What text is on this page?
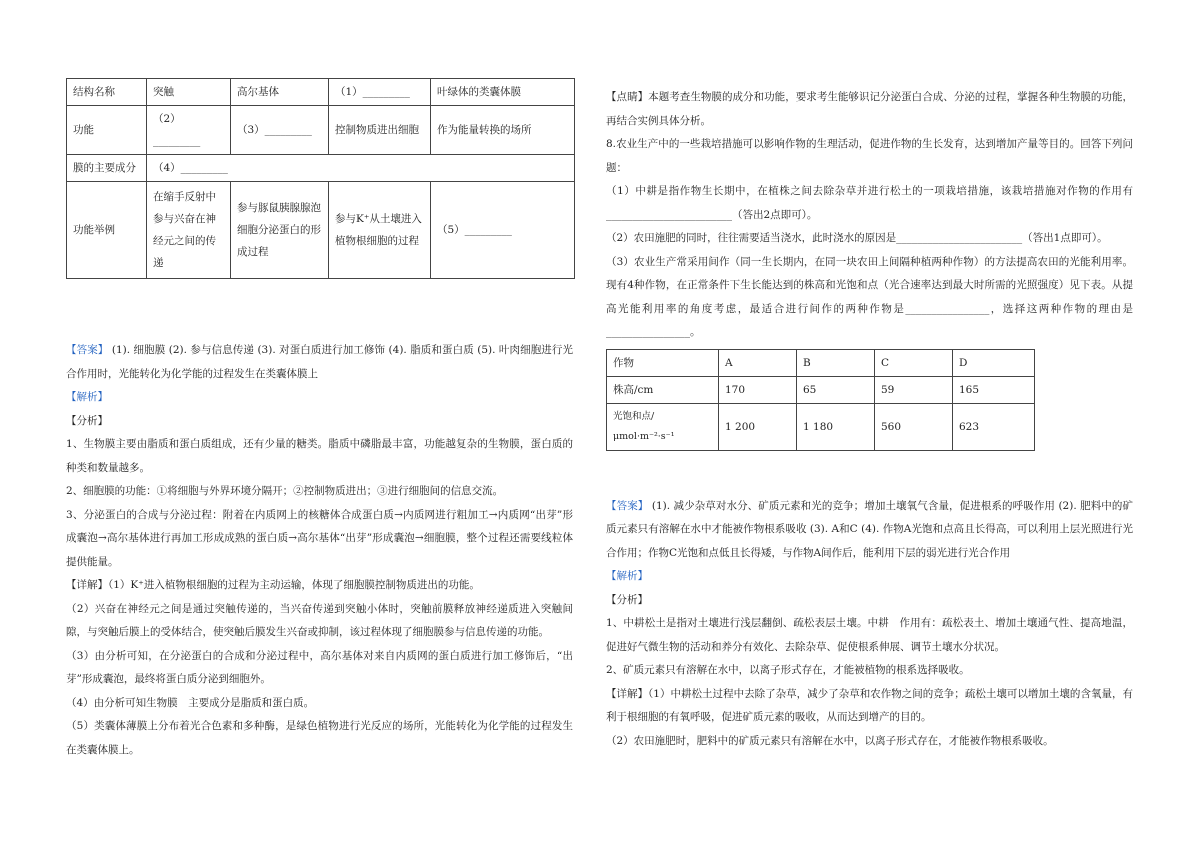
结构名称	突触	高尔基体	（1）_________	叶绿体的类囊体膜
功能	（2）_________	（3）_________	控制物质进出细胞	作为能量转换的场所
膜的主要成分	（4）_________			
功能举例	在缩手反射中参与兴奋在神经元之间的传递	参与豚鼠胰腺腺泡细胞分泌蛋白的形成过程	参与K⁺从土壤进入植物根细胞的过程	（5）_________

【答案】 (1). 细胞膜 (2). 参与信息传递 (3). 对蛋白质进行加工修饰 (4). 脂质和蛋白质 (5). 叶肉细胞进行光合作用时，光能转化为化学能的过程发生在类囊体膜上

【解析】

【分析】

1、生物膜主要由脂质和蛋白质组成，还有少量的糖类。脂质中磷脂最丰富，功能越复杂的生物膜，蛋白质的种类和数量越多。

2、细胞膜的功能：①将细胞与外界环境分隔开；②控制物质进出；③进行细胞间的信息交流。

3、分泌蛋白的合成与分泌过程：附着在内质网上的核糖体合成蛋白质→内质网进行粗加工→内质网“出芽”形成囊泡→高尔基体进行再加工形成成熟的蛋白质→高尔基体“出芽”形成囊泡→细胞膜，整个过程还需要线粒体提供能量。

【详解】（1）K⁺进入植物根细胞的过程为主动运输，体现了细胞膜控制物质进出的功能。

（2）兴奋在神经元之间是通过突触传递的，当兴奋传递到突触小体时，突触前膜释放神经递质进入突触间隙，与突触后膜上的受体结合，使突触后膜发生兴奋或抑制，该过程体现了细胞膜参与信息传递的功能。

（3）由分析可知，在分泌蛋白的合成和分泌过程中，高尔基体对来自内质网的蛋白质进行加工修饰后，“出芽”形成囊泡，最终将蛋白质分泌到细胞外。

（4）由分析可知生物膜　主要成分是脂质和蛋白质。

（5）类囊体薄膜上分布着光合色素和多种酶，是绿色植物进行光反应的场所，光能转化为化学能的过程发生在类囊体膜上。

【点睛】本题考查生物膜的成分和功能，要求考生能够识记分泌蛋白合成、分泌的过程，掌握各种生物膜的功能，再结合实例具体分析。

8.农业生产中的一些栽培措施可以影响作物的生理活动，促进作物的生长发育，达到增加产量等目的。回答下列问题：

（1）中耕是指作物生长期中，在植株之间去除杂草并进行松土的一项栽培措施，该栽培措施对作物的作用有________________________（答出2点即可）。

（2）农田施肥的同时，往往需要适当浇水，此时浇水的原因是________________________（答出1点即可）。

（3）农业生产常采用间作（同一生长期内，在同一块农田上间隔种植两种作物）的方法提高农田的光能利用率。现有4种作物，在正常条件下生长能达到的株高和光饱和点（光合速率达到最大时所需的光照强度）见下表。从提高光能利用率的角度考虑，最适合进行间作的两种作物是________________，选择这两种作物的理由是________________。

作物	A	B	C	D
株高/cm	170	65	59	165
光饱和点/μmol·m⁻²·s⁻¹	1 200	1 180	560	623

【答案】 (1). 减少杂草对水分、矿质元素和光的竞争；增加土壤氧气含量，促进根系的呼吸作用 (2). 肥料中的矿质元素只有溶解在水中才能被作物根系吸收 (3). A和C (4). 作物A光饱和点高且长得高，可以利用上层光照进行光合作用；作物C光饱和点低且长得矮，与作物A间作后，能利用下层的弱光进行光合作用

【解析】

【分析】

1、中耕松土是指对土壤进行浅层翻倒、疏松表层土壤。中耕　作用有：疏松表土、增加土壤通气性、提高地温，促进好气微生物的活动和养分有效化、去除杂草、促使根系伸展、调节土壤水分状况。

2、矿质元素只有溶解在水中，以离子形式存在，才能被植物的根系选择吸收。

【详解】（1）中耕松土过程中去除了杂草，减少了杂草和农作物之间的竞争；疏松土壤可以增加土壤的含氧量，有利于根细胞的有氧呼吸，促进矿质元素的吸收，从而达到增产的目的。

（2）农田施肥时，肥料中的矿质元素只有溶解在水中，以离子形式存在，才能被作物根系吸收。
